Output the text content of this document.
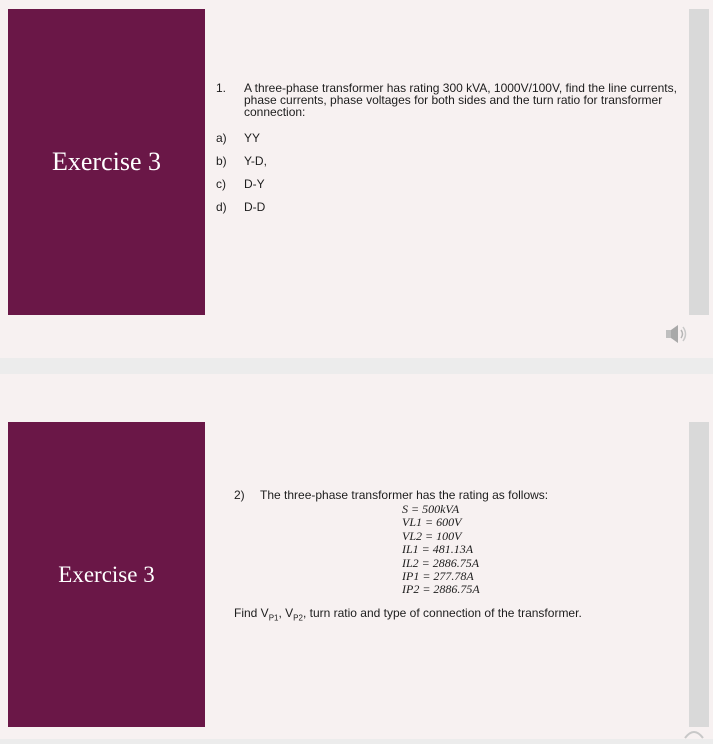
Exercise 3
1.	A three-phase transformer has rating 300 kVA, 1000V/100V, find the line currents, phase currents, phase voltages for both sides and the turn ratio for transformer connection:
a)	YY
b)	Y-D,
c)	D-Y
d)	D-D
Exercise 3
2)	The three-phase transformer has the rating as follows:
S = 500kVA
VL1 = 600V
VL2 = 100V
IL1 = 481.13A
IL2 = 2886.75A
IP1 = 277.78A
IP2 = 2886.75A
Find $V_{P1}$, $V_{P2}$, turn ratio and type of connection of the transformer.
